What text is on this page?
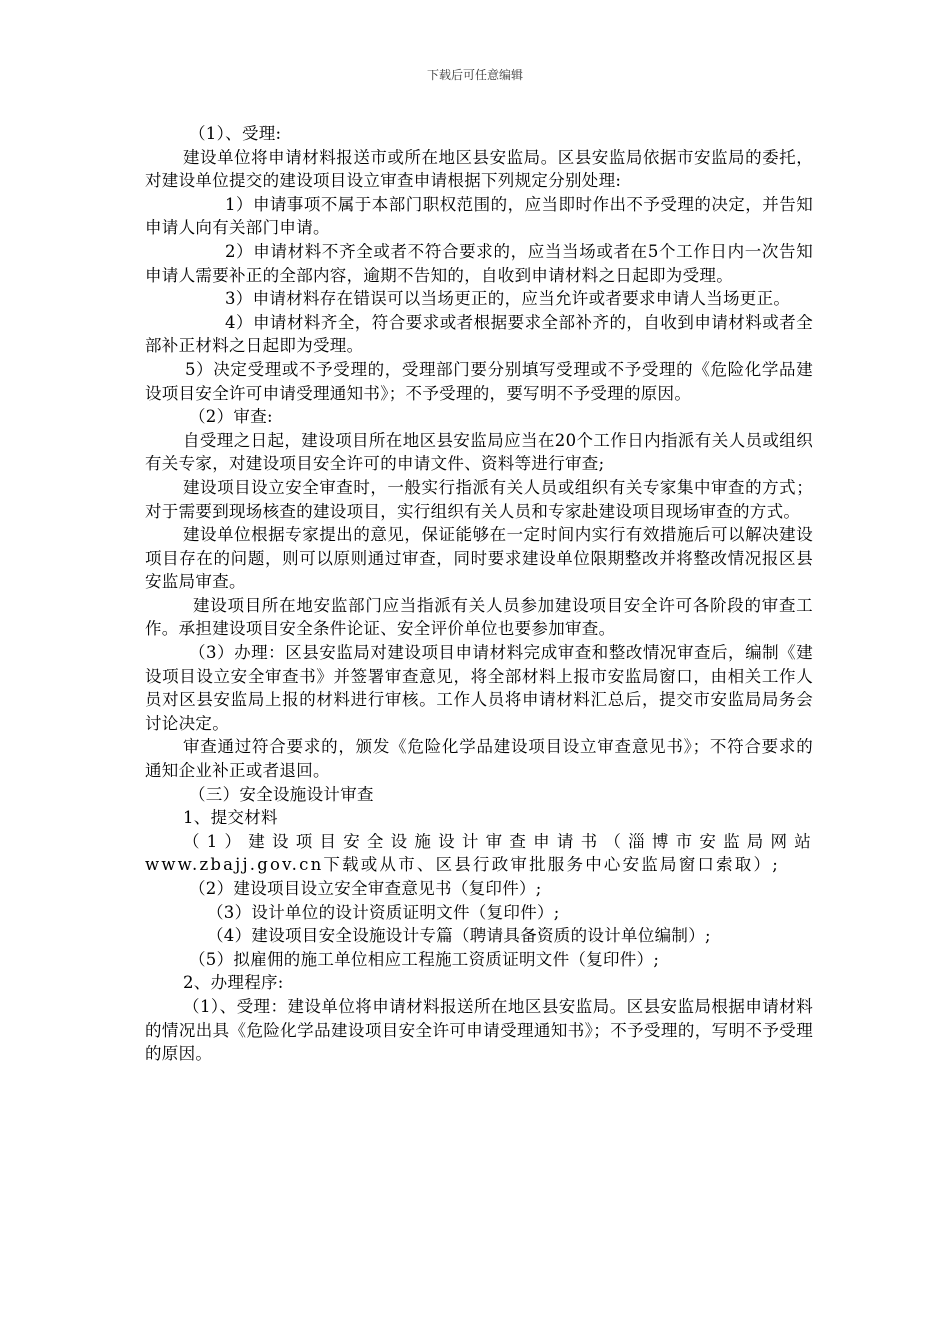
下载后可任意编辑

（1）、受理:

建设单位将申请材料报送市或所在地区县安监局。区县安监局依据市安监局的委托，对建设单位提交的建设项目设立审查申请根据下列规定分别处理:

1）申请事项不属于本部门职权范围的，应当即时作出不予受理的决定，并告知申请人向有关部门申请。

2）申请材料不齐全或者不符合要求的，应当当场或者在5个工作日内一次告知申请人需要补正的全部内容，逾期不告知的，自收到申请材料之日起即为受理。

3）申请材料存在错误可以当场更正的，应当允许或者要求申请人当场更正。

4）申请材料齐全，符合要求或者根据要求全部补齐的，自收到申请材料或者全部补正材料之日起即为受理。

5）决定受理或不予受理的，受理部门要分别填写受理或不予受理的《危险化学品建设项目安全许可申请受理通知书》；不予受理的，要写明不予受理的原因。

（2）审查:

自受理之日起，建设项目所在地区县安监局应当在20个工作日内指派有关人员或组织有关专家，对建设项目安全许可的申请文件、资料等进行审查;

建设项目设立安全审查时，一般实行指派有关人员或组织有关专家集中审查的方式；对于需要到现场核查的建设项目，实行组织有关人员和专家赴建设项目现场审查的方式。

建设单位根据专家提出的意见，保证能够在一定时间内实行有效措施后可以解决建设项目存在的问题，则可以原则通过审查，同时要求建设单位限期整改并将整改情况报区县安监局审查。

建设项目所在地安监部门应当指派有关人员参加建设项目安全许可各阶段的审查工作。承担建设项目安全条件论证、安全评价单位也要参加审查。

（3）办理：区县安监局对建设项目申请材料完成审查和整改情况审查后，编制《建设项目设立安全审查书》并签署审查意见，将全部材料上报市安监局窗口，由相关工作人员对区县安监局上报的材料进行审核。工作人员将申请材料汇总后，提交市安监局局务会讨论决定。

审查通过符合要求的，颁发《危险化学品建设项目设立审查意见书》；不符合要求的通知企业补正或者退回。

（三）安全设施设计审查

1、提交材料

（1）建设项目安全设施设计审查申请书（淄博市安监局网站www.zbajj.gov.cn下载或从市、区县行政审批服务中心安监局窗口索取）;

（2）建设项目设立安全审查意见书（复印件）;

（3）设计单位的设计资质证明文件（复印件）;

（4）建设项目安全设施设计专篇（聘请具备资质的设计单位编制）;

（5）拟雇佣的施工单位相应工程施工资质证明文件（复印件）;

2、办理程序:

（1）、受理：建设单位将申请材料报送所在地区县安监局。区县安监局根据申请材料的情况出具《危险化学品建设项目安全许可申请受理通知书》；不予受理的，写明不予受理的原因。
